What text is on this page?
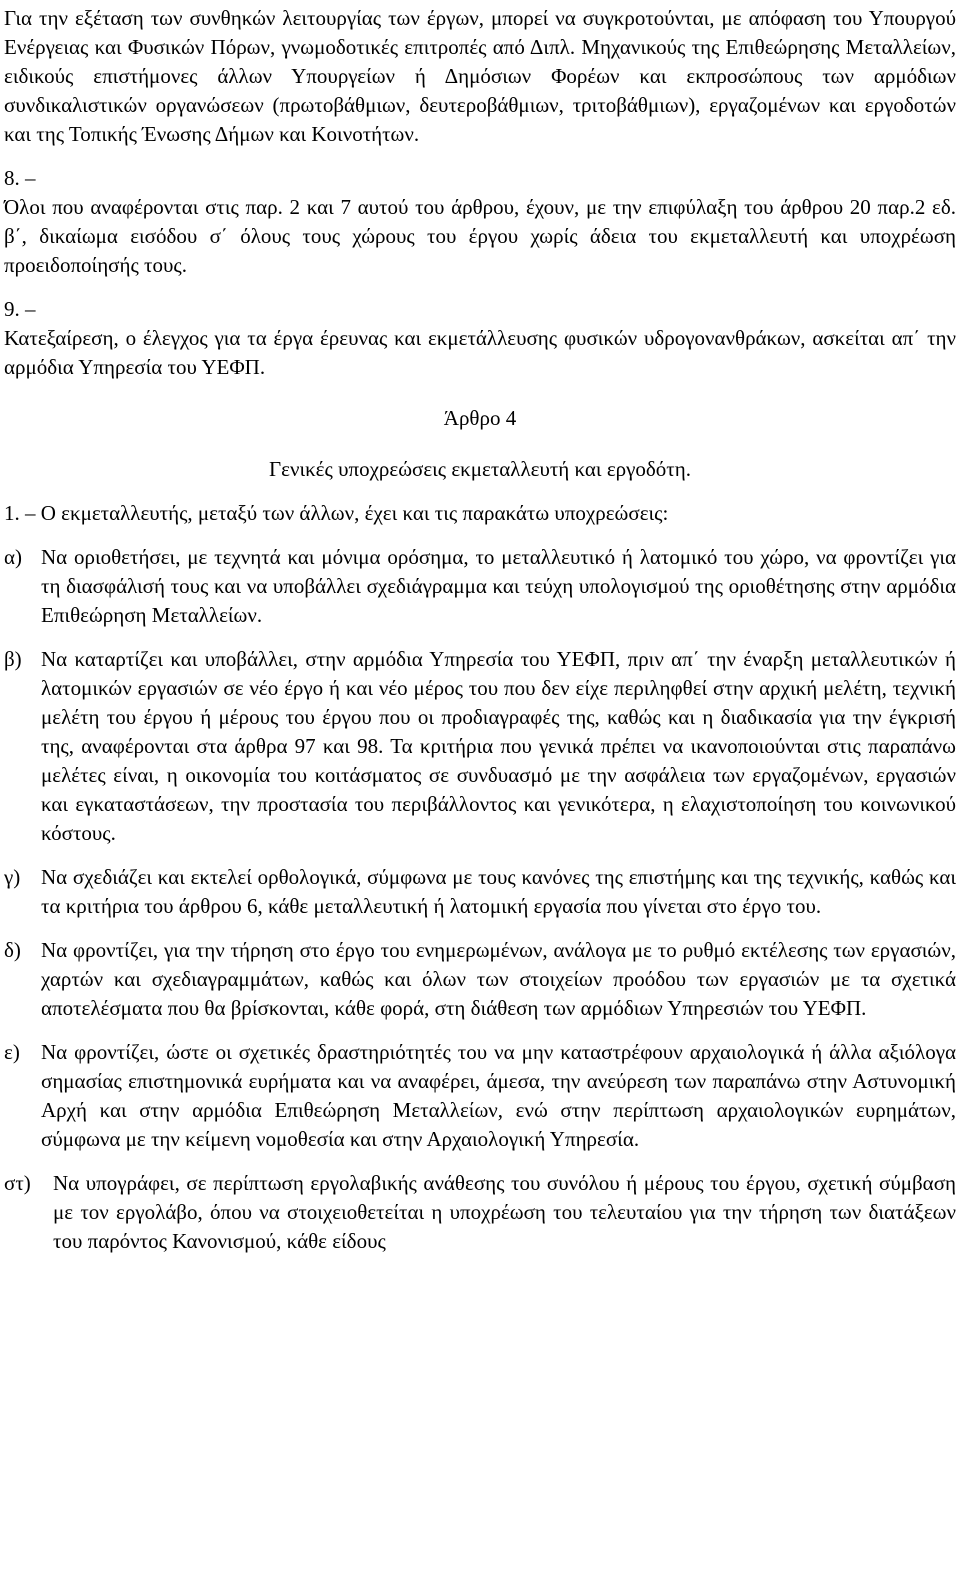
Για την εξέταση των συνθηκών λειτουργίας των έργων, μπορεί να συγκροτούνται, με απόφαση του Υπουργού Ενέργειας και Φυσικών Πόρων, γνωμοδοτικές επιτροπές από Διπλ. Μηχανικούς της Επιθεώρησης Μεταλλείων, ειδικούς επιστήμονες άλλων Υπουργείων ή Δημόσιων Φορέων και εκπροσώπους των αρμόδιων συνδικαλιστικών οργανώσεων (πρωτοβάθμιων, δευτεροβάθμιων, τριτοβάθμιων), εργαζομένων και εργοδοτών και της Τοπικής Ένωσης Δήμων και Κοινοτήτων.

8. –

Όλοι που αναφέρονται στις παρ. 2 και 7 αυτού του άρθρου, έχουν, με την επιφύλαξη του άρθρου 20 παρ.2 εδ. β΄, δικαίωμα εισόδου σ΄ όλους τους χώρους του έργου χωρίς άδεια του εκμεταλλευτή και υποχρέωση προειδοποίησής τους.

9. –

Κατεξαίρεση, ο έλεγχος για τα έργα έρευνας και εκμετάλλευσης φυσικών υδρογονανθράκων, ασκείται απ΄ την αρμόδια Υπηρεσία του ΥΕΦΠ.

Άρθρο 4

Γενικές υποχρεώσεις εκμεταλλευτή και εργοδότη.

1. – Ο εκμεταλλευτής, μεταξύ των άλλων, έχει και τις παρακάτω υποχρεώσεις:

α) Να οριοθετήσει, με τεχνητά και μόνιμα ορόσημα, το μεταλλευτικό ή λατομικό του χώρο, να φροντίζει για τη διασφάλισή τους και να υποβάλλει σχεδιάγραμμα και τεύχη υπολογισμού της οριοθέτησης στην αρμόδια Επιθεώρηση Μεταλλείων.
β) Να καταρτίζει και υποβάλλει, στην αρμόδια Υπηρεσία του ΥΕΦΠ, πριν απ΄ την έναρξη μεταλλευτικών ή λατομικών εργασιών σε νέο έργο ή και νέο μέρος του που δεν είχε περιληφθεί στην αρχική μελέτη, τεχνική μελέτη του έργου ή μέρους του έργου που οι προδιαγραφές της, καθώς και η διαδικασία για την έγκρισή της, αναφέρονται στα άρθρα 97 και 98. Τα κριτήρια που γενικά πρέπει να ικανοποιούνται στις παραπάνω μελέτες είναι, η οικονομία του κοιτάσματος σε συνδυασμό με την ασφάλεια των εργαζομένων, εργασιών και εγκαταστάσεων, την προστασία του περιβάλλοντος και γενικότερα, η ελαχιστοποίηση του κοινωνικού κόστους.
γ) Να σχεδιάζει και εκτελεί ορθολογικά, σύμφωνα με τους κανόνες της επιστήμης και της τεχνικής, καθώς και τα κριτήρια του άρθρου 6, κάθε μεταλλευτική ή λατομική εργασία που γίνεται στο έργο του.
δ) Να φροντίζει, για την τήρηση στο έργο του ενημερωμένων, ανάλογα με το ρυθμό εκτέλεσης των εργασιών, χαρτών και σχεδιαγραμμάτων, καθώς και όλων των στοιχείων προόδου των εργασιών με τα σχετικά αποτελέσματα που θα βρίσκονται, κάθε φορά, στη διάθεση των αρμόδιων Υπηρεσιών του ΥΕΦΠ.
ε)	Να φροντίζει, ώστε οι σχετικές δραστηριότητές του να μην καταστρέφουν αρχαιολογικά ή άλλα αξιόλογα σημασίας επιστημονικά ευρήματα και να αναφέρει, άμεσα, την ανεύρεση των παραπάνω στην Αστυνομική Αρχή και στην αρμόδια Επιθεώρηση Μεταλλείων, ενώ στην περίπτωση αρχαιολογικών ευρημάτων, σύμφωνα με την κείμενη νομοθεσία και στην Αρχαιολογική Υπηρεσία.
στ)	Να υπογράφει, σε περίπτωση εργολαβικής ανάθεσης του συνόλου ή μέρους του έργου, σχετική σύμβαση με τον εργολάβο, όπου να στοιχειοθετείται η υποχρέωση του τελευταίου για την τήρηση των διατάξεων του παρόντος Κανονισμού, κάθε είδους
